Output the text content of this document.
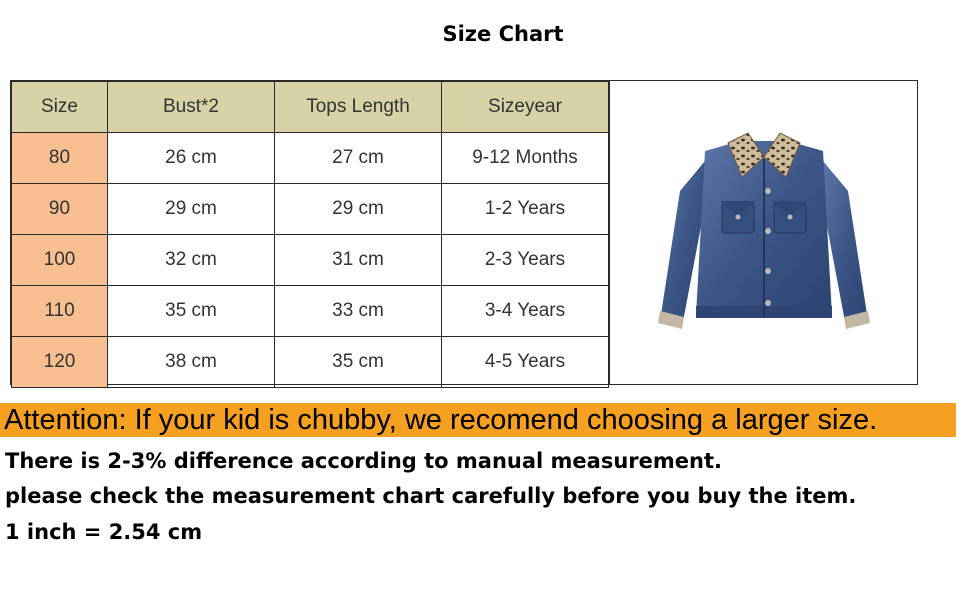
Size Chart
Size	Bust*2	Tops Length	Sizeyear
80	26 cm	27 cm	9-12 Months
90	29 cm	29 cm	1-2 Years
100	32 cm	31 cm	2-3 Years
110	35 cm	33 cm	3-4 Years
120	38 cm	35 cm	4-5 Years
Attention: If your kid is chubby, we recomend choosing a larger size.
There is 2-3% difference according to manual measurement.
please check the measurement chart carefully before you buy the item.
1 inch = 2.54 cm
